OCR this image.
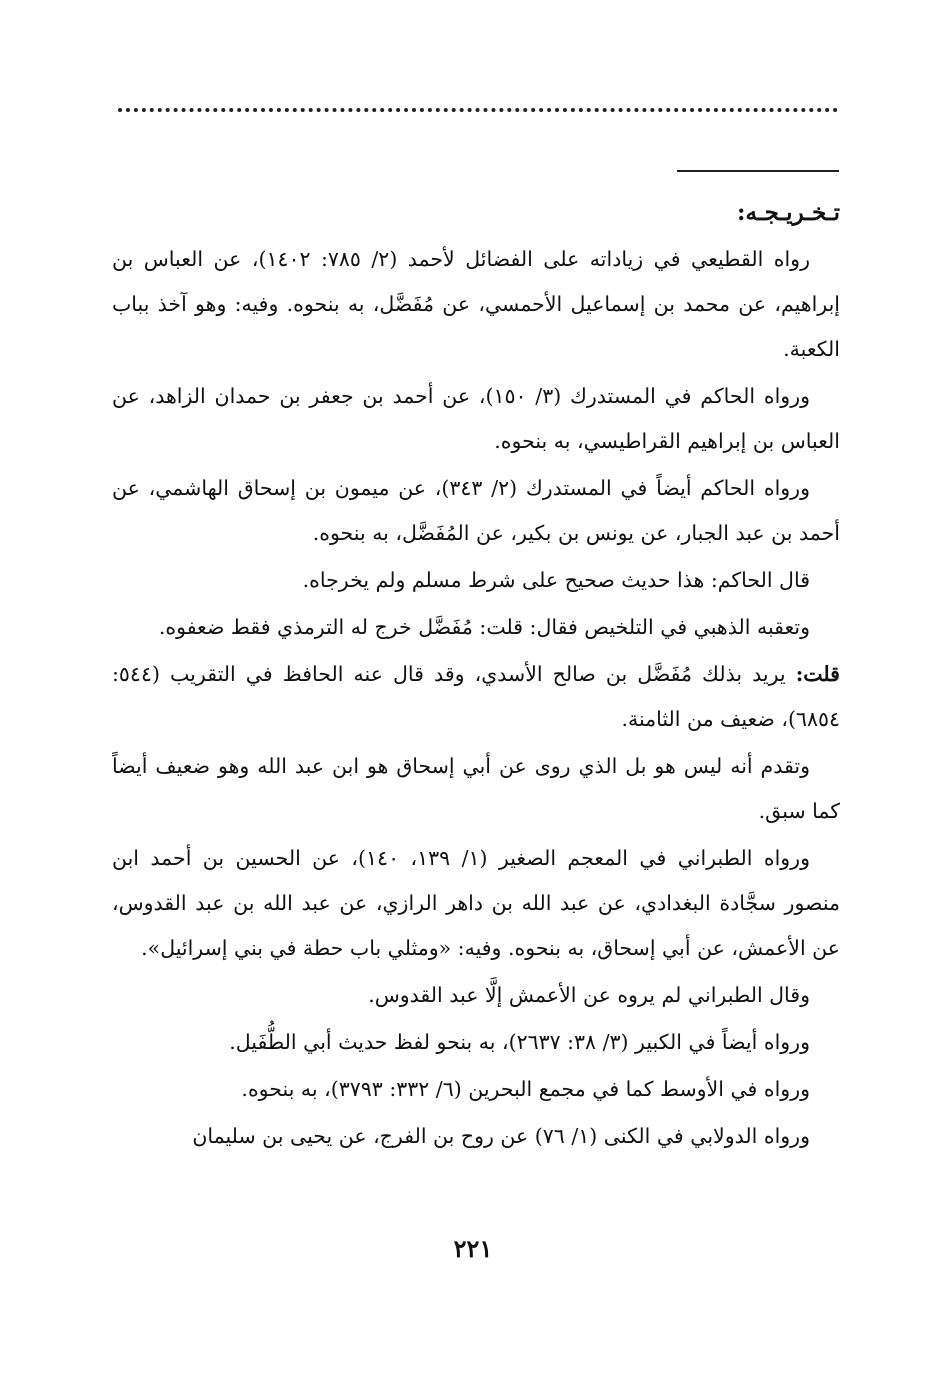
تـخـريـجـه:

رواه القطيعي في زياداته على الفضائل لأحمد (٢/ ٧٨٥: ١٤٠٢)، عن العباس بن إبراهيم، عن محمد بن إسماعيل الأحمسي، عن مُفَضَّل، به بنحوه. وفيه: وهو آخذ بباب الكعبة.

ورواه الحاكم في المستدرك (٣/ ١٥٠)، عن أحمد بن جعفر بن حمدان الزاهد، عن العباس بن إبراهيم القراطيسي، به بنحوه.

ورواه الحاكم أيضاً في المستدرك (٢/ ٣٤٣)، عن ميمون بن إسحاق الهاشمي، عن أحمد بن عبد الجبار، عن يونس بن بكير، عن المُفَضَّل، به بنحوه.

قال الحاكم: هذا حديث صحيح على شرط مسلم ولم يخرجاه.

وتعقبه الذهبي في التلخيص فقال: قلت: مُفَضَّل خرج له الترمذي فقط ضعفوه.

قلت: يريد بذلك مُفَضَّل بن صالح الأسدي، وقد قال عنه الحافظ في التقريب (٥٤٤: ٦٨٥٤)، ضعيف من الثامنة.

وتقدم أنه ليس هو بل الذي روى عن أبي إسحاق هو ابن عبد الله وهو ضعيف أيضاً كما سبق.

ورواه الطبراني في المعجم الصغير (١/ ١٣٩، ١٤٠)، عن الحسين بن أحمد ابن منصور سجَّادة البغدادي، عن عبد الله بن داهر الرازي، عن عبد الله بن عبد القدوس، عن الأعمش، عن أبي إسحاق، به بنحوه. وفيه: «ومثلي باب حطة في بني إسرائيل».

وقال الطبراني لم يروه عن الأعمش إلَّا عبد القدوس.

ورواه أيضاً في الكبير (٣/ ٣٨: ٢٦٣٧)، به بنحو لفظ حديث أبي الطُّفَيل.

ورواه في الأوسط كما في مجمع البحرين (٦/ ٣٣٢: ٣٧٩٣)، به بنحوه.

ورواه الدولابي في الكنى (١/ ٧٦) عن روح بن الفرج، عن يحيى بن سليمان

٢٢١
